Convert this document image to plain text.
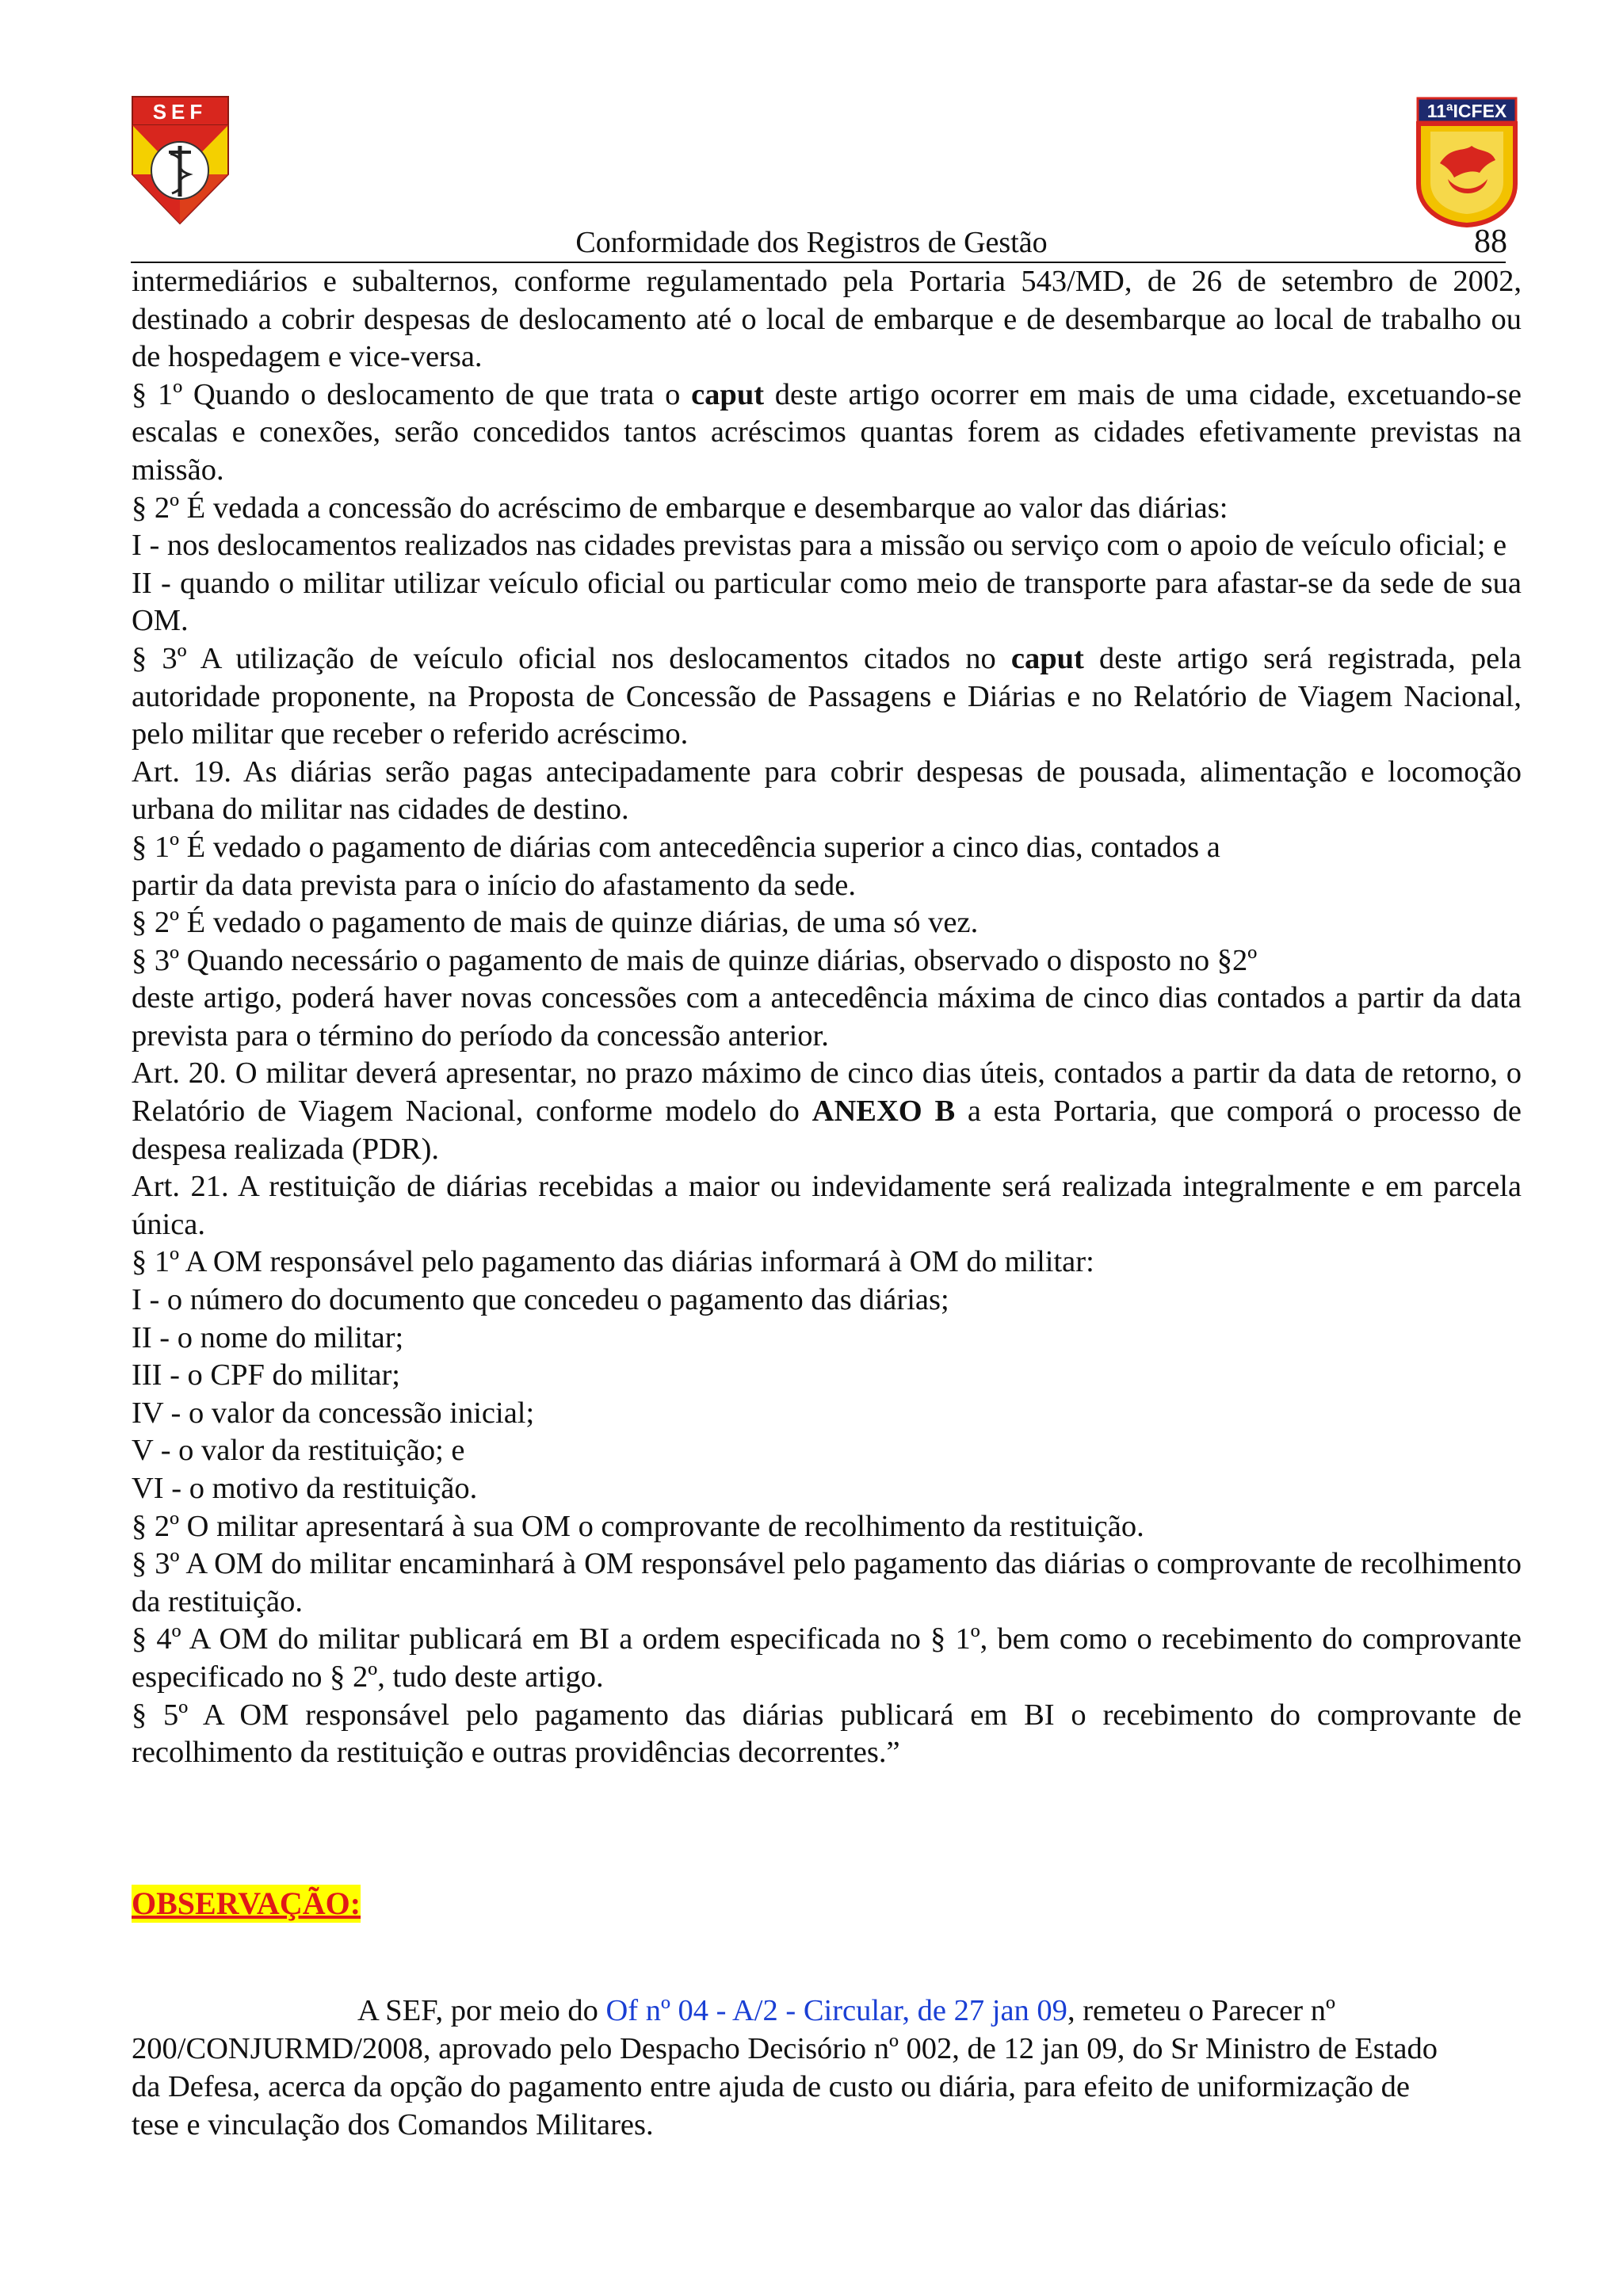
SEF	11ªICFEX
Conformidade dos Registros de Gestão	88

intermediários e subalternos, conforme regulamentado pela Portaria 543/MD, de 26 de setembro de 2002, destinado a cobrir despesas de deslocamento até o local de embarque e de desembarque ao local de trabalho ou de hospedagem e vice-versa.

§ 1º Quando o deslocamento de que trata o caput deste artigo ocorrer em mais de uma cidade, excetuando-se escalas e conexões, serão concedidos tantos acréscimos quantas forem as cidades efetivamente previstas na missão.

§ 2º É vedada a concessão do acréscimo de embarque e desembarque ao valor das diárias:

I - nos deslocamentos realizados nas cidades previstas para a missão ou serviço com o apoio de veículo oficial; e

II - quando o militar utilizar veículo oficial ou particular como meio de transporte para afastar-se da sede de sua OM.

§ 3º A utilização de veículo oficial nos deslocamentos citados no caput deste artigo será registrada, pela autoridade proponente, na Proposta de Concessão de Passagens e Diárias e no Relatório de Viagem Nacional, pelo militar que receber o referido acréscimo.

Art. 19. As diárias serão pagas antecipadamente para cobrir despesas de pousada, alimentação e locomoção urbana do militar nas cidades de destino.

§ 1º É vedado o pagamento de diárias com antecedência superior a cinco dias, contados a

partir da data prevista para o início do afastamento da sede.

§ 2º É vedado o pagamento de mais de quinze diárias, de uma só vez.

§ 3º Quando necessário o pagamento de mais de quinze diárias, observado o disposto no §2º

deste artigo, poderá haver novas concessões com a antecedência máxima de cinco dias contados a partir da data prevista para o término do período da concessão anterior.

Art. 20. O militar deverá apresentar, no prazo máximo de cinco dias úteis, contados a partir da data de retorno, o Relatório de Viagem Nacional, conforme modelo do ANEXO B a esta Portaria, que comporá o processo de despesa realizada (PDR).

Art. 21. A restituição de diárias recebidas a maior ou indevidamente será realizada integralmente e em parcela única.

§ 1º A OM responsável pelo pagamento das diárias informará à OM do militar:

I - o número do documento que concedeu o pagamento das diárias;

II - o nome do militar;

III - o CPF do militar;

IV - o valor da concessão inicial;

V - o valor da restituição; e

VI - o motivo da restituição.

§ 2º O militar apresentará à sua OM o comprovante de recolhimento da restituição.

§ 3º A OM do militar encaminhará à OM responsável pelo pagamento das diárias o comprovante de recolhimento da restituição.

§ 4º A OM do militar publicará em BI a ordem especificada no § 1º, bem como o recebimento do comprovante especificado no § 2º, tudo deste artigo.

§ 5º A OM responsável pelo pagamento das diárias publicará em BI o recebimento do comprovante de recolhimento da restituição e outras providências decorrentes.”

OBSERVAÇÃO:

A SEF, por meio do Of nº 04 - A/2 - Circular, de 27 jan 09, remeteu o Parecer nº 200/CONJURMD/2008, aprovado pelo Despacho Decisório nº 002, de 12 jan 09, do Sr Ministro de Estado da Defesa, acerca da opção do pagamento entre ajuda de custo ou diária, para efeito de uniformização de tese e vinculação dos Comandos Militares.
